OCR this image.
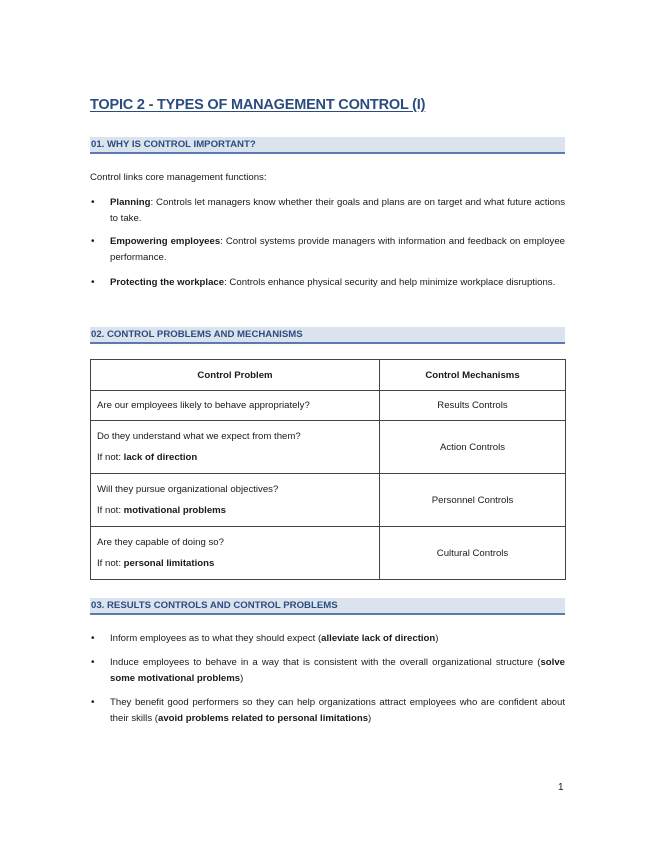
TOPIC 2 - TYPES OF MANAGEMENT CONTROL (I)
01. WHY IS CONTROL IMPORTANT?
Control links core management functions:
• Planning: Controls let managers know whether their goals and plans are on target and what future actions to take.
• Empowering employees: Control systems provide managers with information and feedback on employee performance.
• Protecting the workplace: Controls enhance physical security and help minimize workplace disruptions.
02. CONTROL PROBLEMS AND MECHANISMS
Control Problem	Control Mechanisms

Are our employees likely to behave appropriately?	Results Controls

Do they understand what we expect from them?
If not: lack of direction	Action Controls

Will they pursue organizational objectives?
If not: motivational problems	Personnel Controls

Are they capable of doing so?
If not: personal limitations	Cultural Controls
03. RESULTS CONTROLS AND CONTROL PROBLEMS
• Inform employees as to what they should expect (alleviate lack of direction)
• Induce employees to behave in a way that is consistent with the overall organizational structure (solve some motivational problems)
• They benefit good performers so they can help organizations attract employees who are confident about their skills (avoid problems related to personal limitations)
1
